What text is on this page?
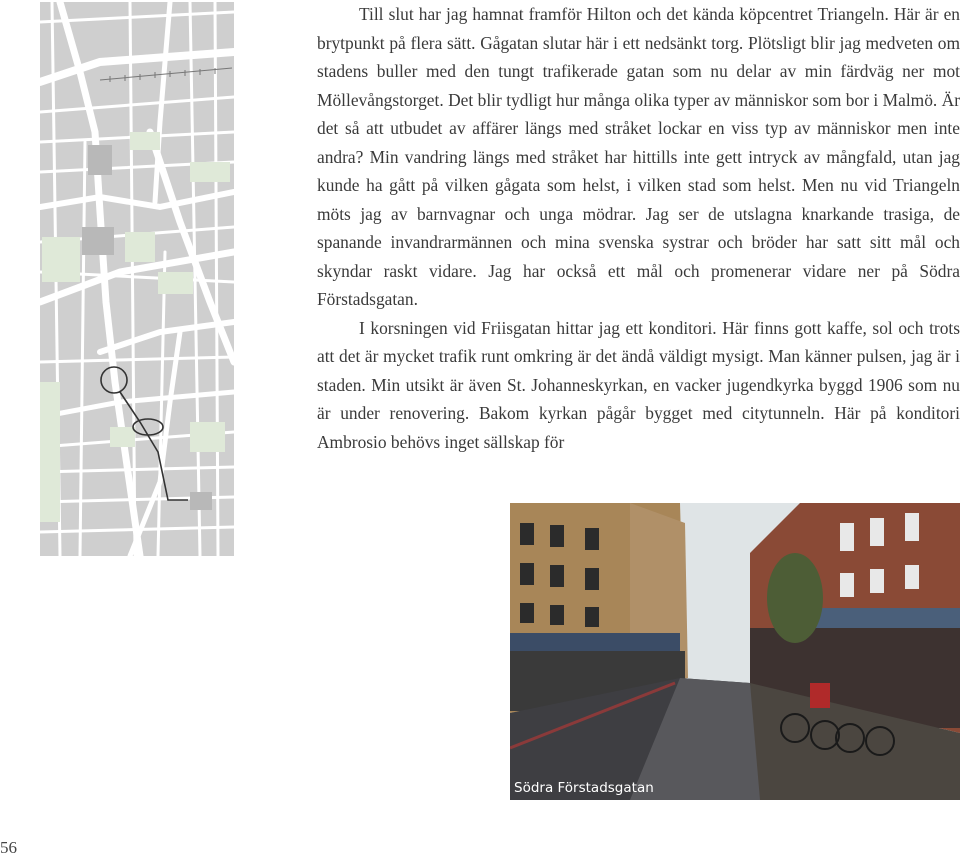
Till slut har jag hamnat framför Hilton och det kända köpcentret Triangeln. Här är en brytpunkt på flera sätt. Gågatan slutar här i ett nedsänkt torg. Plötsligt blir jag medveten om stadens buller med den tungt trafikerade gatan som nu delar av min färdväg ner mot Möllevångstorget. Det blir tydligt hur många olika typer av människor som bor i Malmö. Är det så att utbudet av affärer längs med stråket lockar en viss typ av människor men inte andra? Min vandring längs med stråket har hittills inte gett intryck av mångfald, utan jag kunde ha gått på vilken gågata som helst, i vilken stad som helst. Men nu vid Triangeln möts jag av barnvagnar och unga mödrar. Jag ser de utslagna knarkande trasiga, de spanande invandrarmännen och mina svenska systrar och bröder har satt sitt mål och skyndar raskt vidare. Jag har också ett mål och promenerar vidare ner på Södra Förstadsgatan.

I korsningen vid Friisgatan hittar jag ett konditori. Här finns gott kaffe, sol och trots att det är mycket trafik runt omkring är det ändå väldigt mysigt. Man känner pulsen, jag är i staden. Min utsikt är även St. Johanneskyrkan, en vacker jugendkyrka byggd 1906 som nu är under renovering. Bakom kyrkan pågår bygget med citytunneln. Här på konditori Ambrosio behövs inget sällskap för

Södra Förstadsgatan
56
